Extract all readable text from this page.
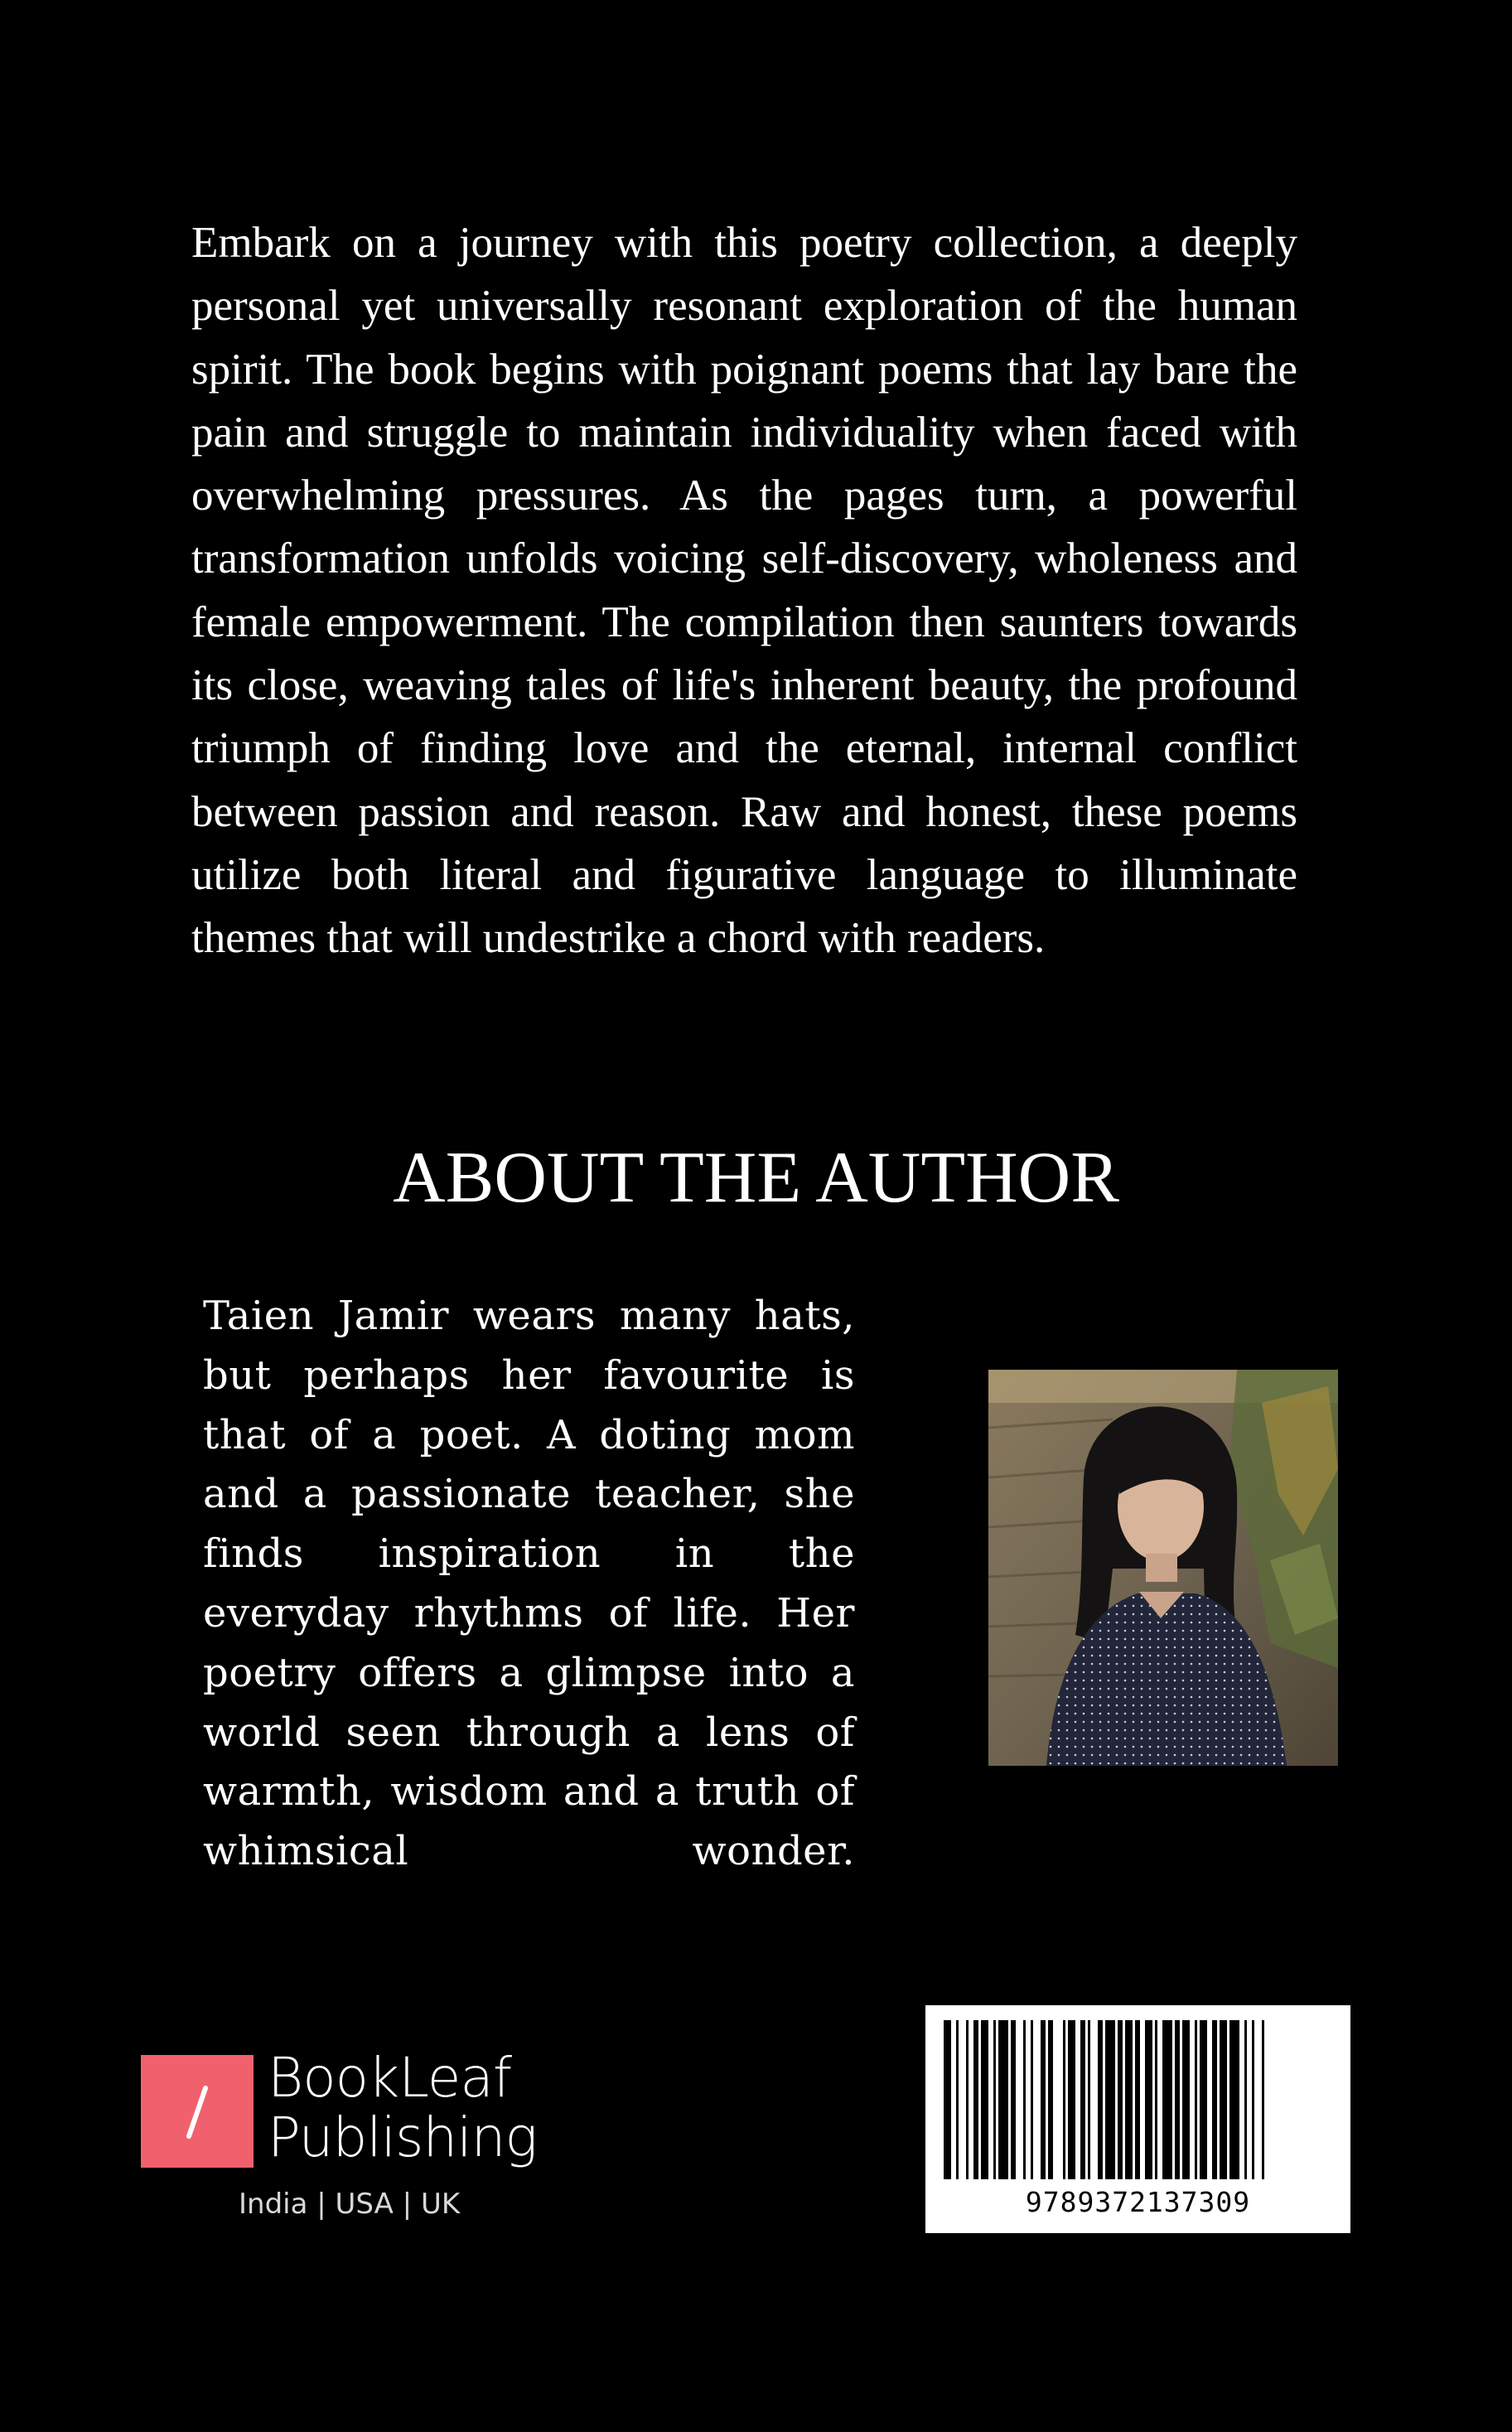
Embark on a journey with this poetry collection, a deeply personal yet universally resonant exploration of the human spirit. The book begins with poignant poems that lay bare the pain and struggle to maintain individuality when faced with overwhelming pressures. As the pages turn, a powerful transformation unfolds voicing self-discovery, wholeness and female empowerment. The compilation then saunters towards its close, weaving tales of life's inherent beauty, the profound triumph of finding love and the eternal, internal conflict between passion and reason. Raw and honest, these poems utilize both literal and figurative language to illuminate themes that will undestrike a chord with readers.

ABOUT THE AUTHOR

Taien Jamir wears many hats, but perhaps her favourite is that of a poet. A doting mom and a passionate teacher, she finds inspiration in the everyday rhythms of life. Her poetry offers a glimpse into a world seen through a lens of warmth, wisdom and a truth of whimsical wonder.

BookLeaf
Publishing
India | USA | UK	9789372137309
